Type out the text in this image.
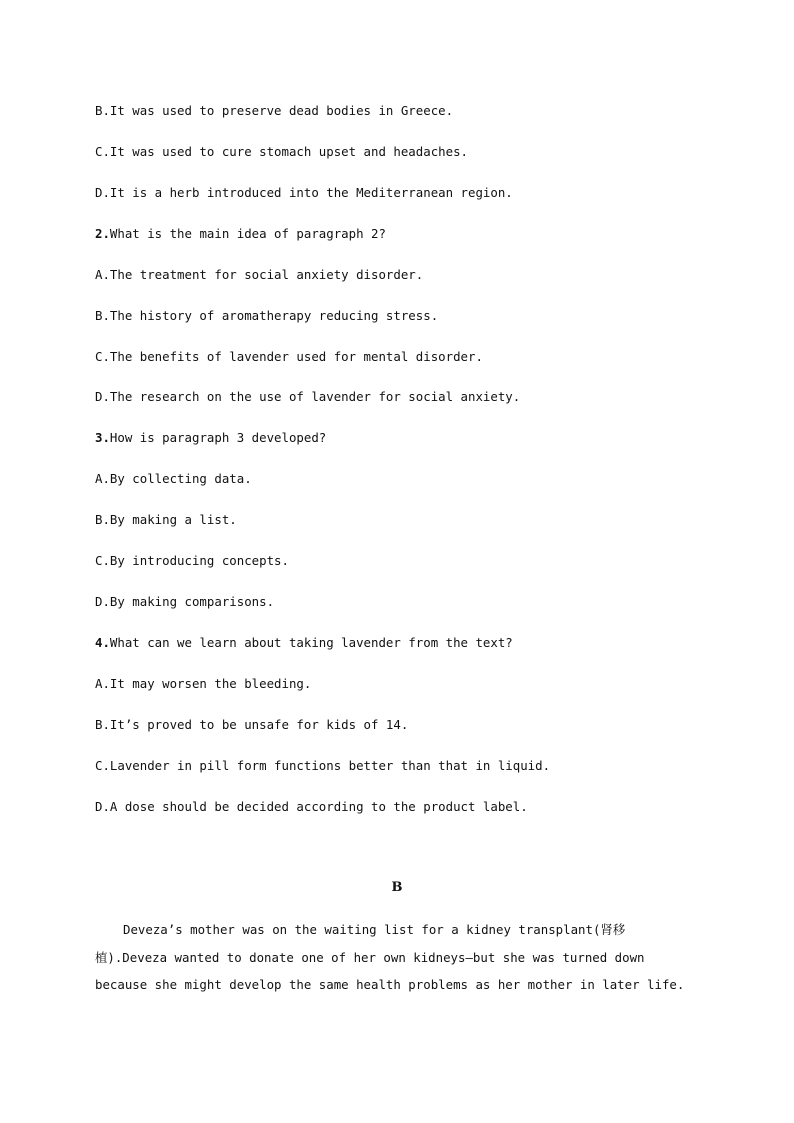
B.It was used to preserve dead bodies in Greece.
C.It was used to cure stomach upset and headaches.
D.It is a herb introduced into the Mediterranean region.
2.What is the main idea of paragraph 2?
A.The treatment for social anxiety disorder.
B.The history of aromatherapy reducing stress.
C.The benefits of lavender used for mental disorder.
D.The research on the use of lavender for social anxiety.
3.How is paragraph 3 developed?
A.By collecting data.
B.By making a list.
C.By introducing concepts.
D.By making comparisons.
4.What can we learn about taking lavender from the text?
A.It may worsen the bleeding.
B.It’s proved to be unsafe for kids of 14.
C.Lavender in pill form functions better than that in liquid.
D.A dose should be decided according to the product label.
B
Deveza’s mother was on the waiting list for a kidney transplant(肾移植).Deveza wanted to donate one of her own kidneys—but she was turned down because she might develop the same health problems as her mother in later life.
